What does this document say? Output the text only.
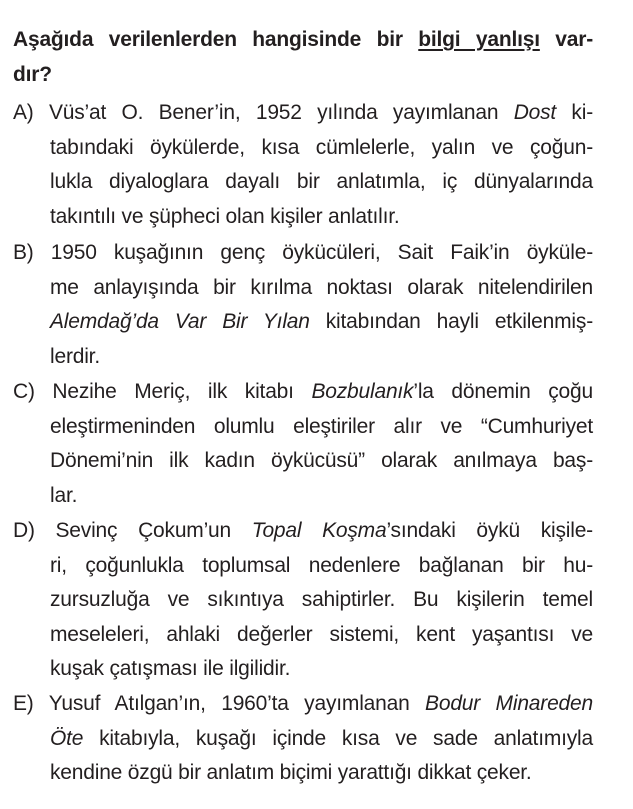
Aşağıda verilenlerden hangisinde bir bilgi yanlışı var-
dır?
A) Vüs’at O. Bener’in, 1952 yılında yayımlanan Dost ki-
tabındaki öykülerde, kısa cümlelerle, yalın ve çoğun-
lukla diyaloglara dayalı bir anlatımla, iç dünyalarında
takıntılı ve şüpheci olan kişiler anlatılır.
B) 1950 kuşağının genç öykücüleri, Sait Faik’in öyküle-
me anlayışında bir kırılma noktası olarak nitelendirilen
Alemdağ’da Var Bir Yılan kitabından hayli etkilenmiş-
lerdir.
C) Nezihe Meriç, ilk kitabı Bozbulanık’la dönemin çoğu
eleştirmeninden olumlu eleştiriler alır ve “Cumhuriyet
Dönemi’nin ilk kadın öykücüsü” olarak anılmaya baş-
lar.
D) Sevinç Çokum’un Topal Koşma’sındaki öykü kişile-
ri, çoğunlukla toplumsal nedenlere bağlanan bir hu-
zursuzluğa ve sıkıntıya sahiptirler. Bu kişilerin temel
meseleleri, ahlaki değerler sistemi, kent yaşantısı ve
kuşak çatışması ile ilgilidir.
E) Yusuf Atılgan’ın, 1960’ta yayımlanan Bodur Minareden
Öte kitabıyla, kuşağı içinde kısa ve sade anlatımıyla
kendine özgü bir anlatım biçimi yarattığı dikkat çeker.
